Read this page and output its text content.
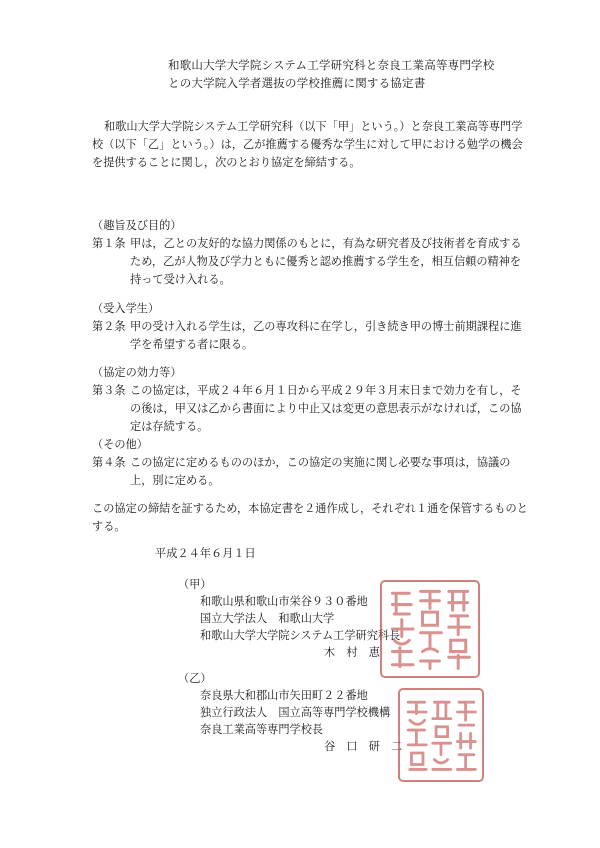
和歌山大学大学院システム工学研究科と奈良工業高等専門学校
との大学院入学者選抜の学校推薦に関する協定書

和歌山大学大学院システム工学研究科（以下「甲」という。）と奈良工業高等専門学校（以下「乙」という。）は，乙が推薦する優秀な学生に対して甲における勉学の機会を提供することに関し，次のとおり協定を締結する。

（趣旨及び目的）
第１条 甲は，乙との友好的な協力関係のもとに，有為な研究者及び技術者を育成するため，乙が人物及び学力ともに優秀と認め推薦する学生を，相互信頼の精神を持って受け入れる。
（受入学生）
第２条 甲の受け入れる学生は，乙の専攻科に在学し，引き続き甲の博士前期課程に進学を希望する者に限る。
（協定の効力等）
第３条 この協定は，平成２４年６月１日から平成２９年３月末日まで効力を有し，その後は，甲又は乙から書面により中止又は変更の意思表示がなければ，この協定は存続する。
（その他）
第４条 この協定に定めるもののほか，この協定の実施に関し必要な事項は，協議の上，別に定める。
この協定の締結を証するため，本協定書を２通作成し，それぞれ１通を保管するものとする。
平成２４年６月１日
（甲）
和歌山県和歌山市栄谷９３０番地
国立大学法人　和歌山大学
和歌山大学大学院システム工学研究科長
木　村　恵
（乙）
奈良県大和郡山市矢田町２２番地
独立行政法人　国立高等専門学校機構
奈良工業高等専門学校長
谷　口　研　二
